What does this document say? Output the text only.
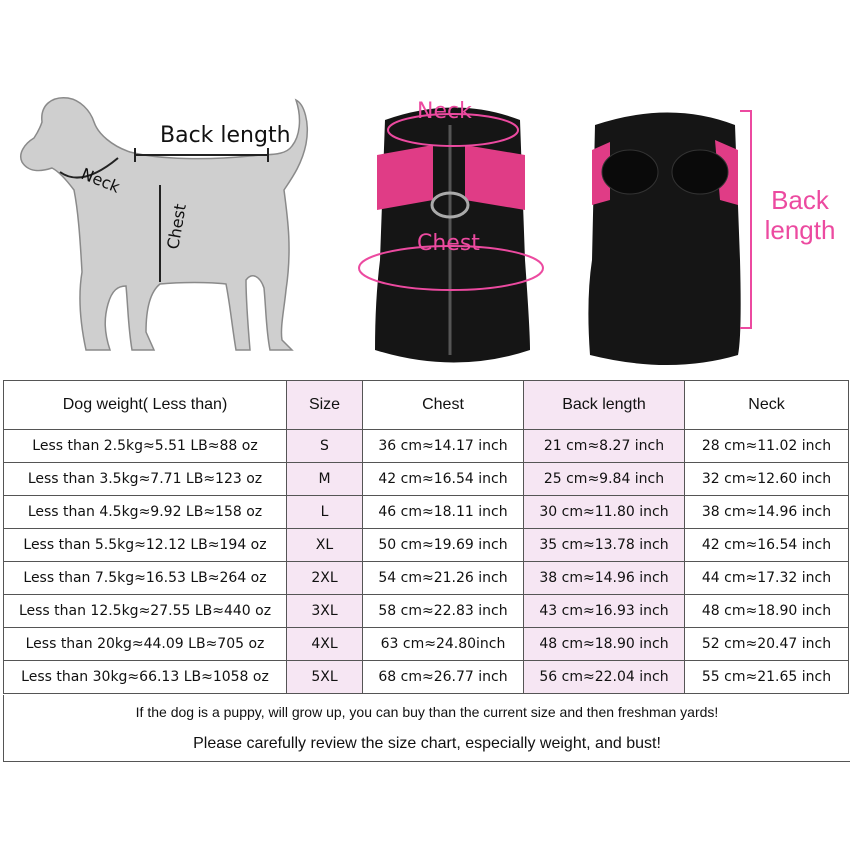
Back length
Neck
Chest
Neck
Chest
Back
length
Dog weight( Less than)	Size	Chest	Back length	Neck
Less than 2.5kg≈5.51 LB≈88 oz	S	36 cm≈14.17 inch	21 cm≈8.27 inch	28 cm≈11.02 inch
Less than 3.5kg≈7.71 LB≈123 oz	M	42 cm≈16.54 inch	25 cm≈9.84 inch	32 cm≈12.60 inch
Less than 4.5kg≈9.92 LB≈158 oz	L	46 cm≈18.11 inch	30 cm≈11.80 inch	38 cm≈14.96 inch
Less than 5.5kg≈12.12 LB≈194 oz	XL	50 cm≈19.69 inch	35 cm≈13.78 inch	42 cm≈16.54 inch
Less than 7.5kg≈16.53 LB≈264 oz	2XL	54 cm≈21.26 inch	38 cm≈14.96 inch	44 cm≈17.32 inch
Less than 12.5kg≈27.55 LB≈440 oz	3XL	58 cm≈22.83 inch	43 cm≈16.93 inch	48 cm≈18.90 inch
Less than 20kg≈44.09 LB≈705 oz	4XL	63 cm≈24.80inch	48 cm≈18.90 inch	52 cm≈20.47 inch
Less than 30kg≈66.13 LB≈1058 oz	5XL	68 cm≈26.77 inch	56 cm≈22.04 inch	55 cm≈21.65 inch
If the dog is a puppy, will grow up, you can buy than the current size and then freshman yards!
Please carefully review the size chart, especially weight, and bust!
